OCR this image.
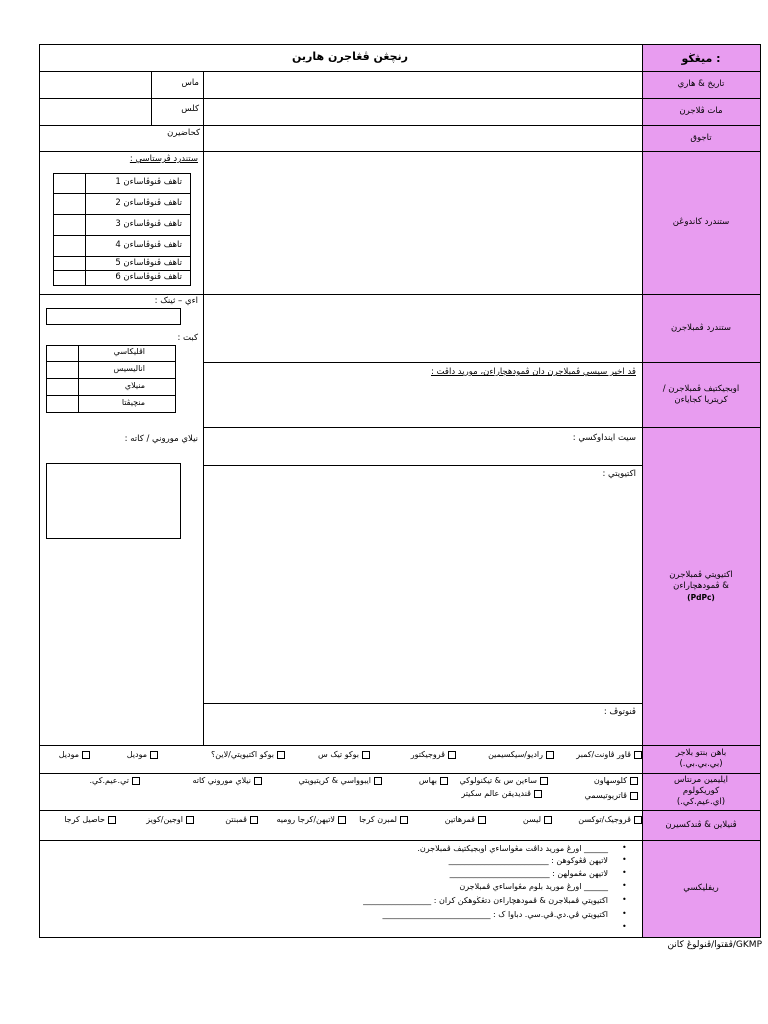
رنچڠن ڤڠاجرن هارين	ميڠڬو :
تاريخ & هاري
مات ڤلاجرن
تاجوق
ماس
کلس
کحاضيرن
ستندرد کاندوڠن
ستندرد ڤرستاسي :
تاهف ڤنوڤاساءن 1
تاهف ڤنوڤاساءن 2
تاهف ڤنوڤاساءن 3
تاهف ڤنوڤاساءن 4
تاهف ڤنوڤاساءن 5
تاهف ڤنوڤاساءن 6
اءي – ثينک :
کبت :
اڤليکاسي
اناليسيس
منيلاي
منچيڤتا
نيلاي موروني / کاته :
ستندرد ڤمبلاجرن
اوبجيکتيف ڤمبلاجرن / کريتريا کجاياءن
ڤد اخير سيسي ڤمبلاجرن دان ڤمودهچاراءن، موريد داڤت :
اکتيويتي ڤمبلاجرن & ڤمودهچاراءن
(PdPc)
سيت اينداوکسي :
اکتيويتي :
ڤنوتوڤ :
باهن بنتو بلاجر (بي.بي.بي.)
ڤاور ڤاونت/کمبر
راديو/سيکسيمين
ڤروجيکتور
بوکو تيک س
بوکو اکتيويتي/لاين؟
موديل
موديل
ايليمين مرنتاس کوريکولوم (اي.عيم.کي.)
کلوسهاون
ساءين س & تيکنولوکي
بهاس
ايبوواسي & کريتيويتي
نيلاي موروني کاته
تي.عيم.کي.
ڤاتريوتيسمي
ڤنديديقن عالم سکيتر
ڤنيلاين & ڤندکسيرن
ڤروجيک/توکسن
ليسن
ڤمرهاتين
لمبرن کرجا
لاتيهن/کرجا روميه
ڤمبنتن
اوجين/کويز
حاصيل کرجا
ريفليکسي
______ اورڠ موريد داڤت مڠواساءي اوبجيکتيف ڤمبلاجرن.
لاتيهن ڤڠوکوهن : _________________________
لاتيهن مڠمولهن : _________________________
______ اورڠ موريد بلوم مڠواساءي ڤمبلاجرن
اکتيويتي ڤمبلاجرن & ڤمودهچاراءن دتڠڬوهکن کران : _________________
اکتيويتي ڤي.دي.ڤي.سي. دباوا ک : ___________________________
•
•
•
•
•
•
•
ڤقتوا/ڤنولوڠ کانن/GKMP
